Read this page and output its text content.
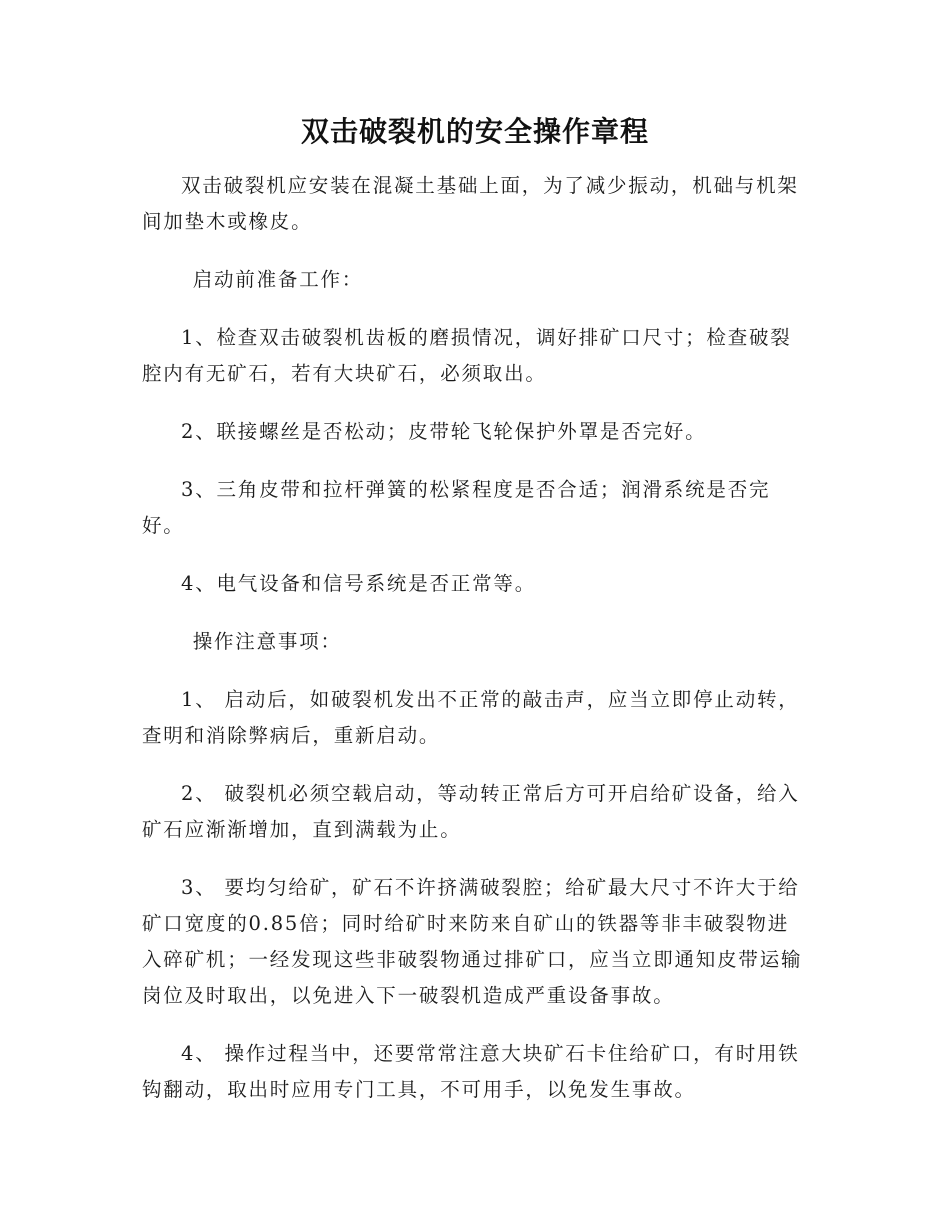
双击破裂机的安全操作章程

双击破裂机应安装在混凝土基础上面，为了减少振动，机础与机架间加垫木或橡皮。

启动前准备工作：

1、检查双击破裂机齿板的磨损情况，调好排矿口尺寸；检查破裂腔内有无矿石，若有大块矿石，必须取出。

2、联接螺丝是否松动；皮带轮飞轮保护外罩是否完好。

3、三角皮带和拉杆弹簧的松紧程度是否合适；润滑系统是否完好。

4、电气设备和信号系统是否正常等。

操作注意事项：

1、 启动后，如破裂机发出不正常的敲击声，应当立即停止动转，查明和消除弊病后，重新启动。

2、 破裂机必须空载启动，等动转正常后方可开启给矿设备，给入矿石应渐渐增加，直到满载为止。

3、 要均匀给矿，矿石不许挤满破裂腔；给矿最大尺寸不许大于给矿口宽度的0.85倍；同时给矿时来防来自矿山的铁器等非丰破裂物进入碎矿机；一经发现这些非破裂物通过排矿口，应当立即通知皮带运输岗位及时取出，以免进入下一破裂机造成严重设备事故。

4、 操作过程当中，还要常常注意大块矿石卡住给矿口，有时用铁钩翻动，取出时应用专门工具，不可用手，以免发生事故。
